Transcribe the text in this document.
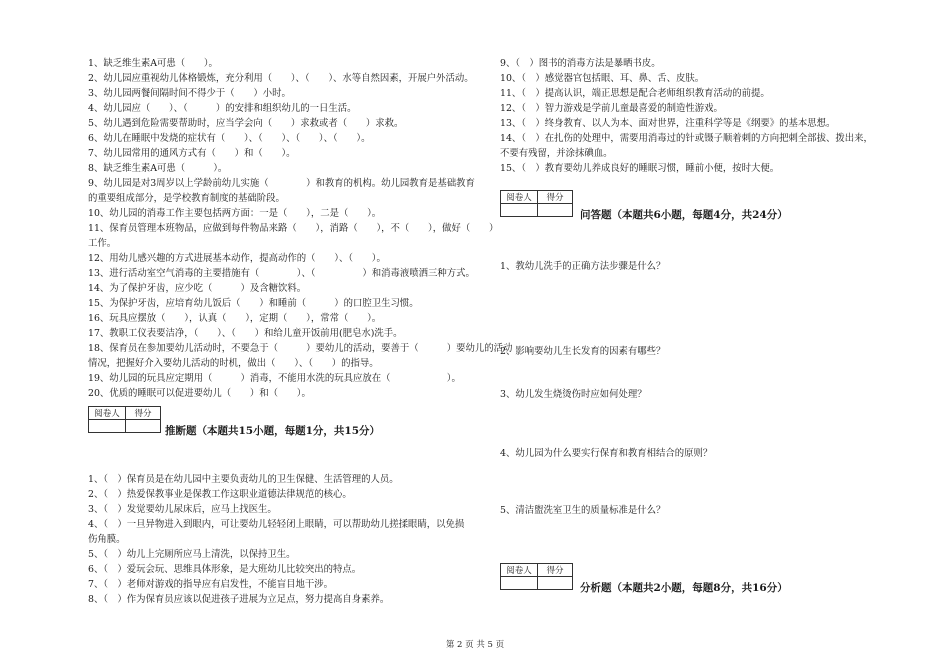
1、缺乏维生素A可患（　　）。
2、幼儿园应重视幼儿体格锻炼，充分利用（　　）、（　　）、水等自然因素，开展户外活动。
3、幼儿园两餐间隔时间不得少于（　　）小时。
4、幼儿园应（　　）、（　　　）的安排和组织幼儿的一日生活。
5、幼儿遇到危险需要帮助时，应当学会向（　　）求救或者（　　）求救。
6、幼儿在睡眠中发烧的症状有（　　）、（　　）、（　　）、（　　）。
7、幼儿园常用的通风方式有（　　）和（　　）。
8、缺乏维生素A可患（　　　）。
9、幼儿园是对3周岁以上学龄前幼儿实施（　　　　）和教育的机构。幼儿园教育是基础教育
的重要组成部分，是学校教育制度的基础阶段。
10、幼儿园的消毒工作主要包括两方面：一是（　　），二是（　　）。
11、保育员管理本班物品，应做到每件物品来路（　　），消路（　　），不（　　），做好（　　）
工作。
12、用幼儿感兴趣的方式进展基本动作，提高动作的（　　）、（　　）。
13、进行活动室空气消毒的主要措施有（　　　　）、（　　　　　）和消毒液喷洒三种方式。
14、为了保护牙齿，应少吃（　　　）及含糖饮料。
15、为保护牙齿，应培育幼儿饭后（　　）和睡前（　　　）的口腔卫生习惯。
16、玩具应摆放（　　），认真（　　），定期（　　），常常（　　）。
17、教职工仪表要洁净，（　　）、（　　）和给儿童开饭前用(肥皂水)洗手。
18、保育员在参加要幼儿活动时，不要急于（　　　）要幼儿的活动，要善于（　　　）要幼儿的活动
情况，把握好介入要幼儿活动的时机，做出（　　）、（　　）的指导。
19、幼儿园的玩具应定期用（　　　）消毒，不能用水洗的玩具应放在（　　　　　　）。
20、优质的睡眠可以促进要幼儿（　　）和（　　）。
阅卷人	得分

推断题（本题共15小题，每题1分，共15分）
1、（　）保育员是在幼儿园中主要负责幼儿的卫生保健、生活管理的人员。
2、（　）热爱保教事业是保教工作这职业道德法律规范的核心。
3、（　）发觉要幼儿尿床后，应马上找医生。
4、（　）一旦异物进入到眼内，可让要幼儿轻轻闭上眼睛，可以帮助幼儿搓揉眼睛，以免损
伤角膜。
5、（　）幼儿上完厕所应马上清洗，以保持卫生。
6、（　）爱玩会玩、思维具体形象，是大班幼儿比较突出的特点。
7、（　）老师对游戏的指导应有启发性，不能盲目地干涉。
8、（　）作为保育员应该以促进孩子进展为立足点，努力提高自身素养。
9、（　）图书的消毒方法是暴晒书皮。
10、（　）感觉器官包括眼、耳、鼻、舌、皮肤。
11、（　）提高认识，端正思想是配合老师组织教育活动的前提。
12、（　）智力游戏是学前儿童最喜爱的制造性游戏。
13、（　）终身教育、以人为本、面对世界，注重科学等是《纲要》的基本思想。
14、（　）在扎伤的处理中，需要用消毒过的针或镊子顺着刺的方向把刺全部拔、拨出来，
不要有残留，并涂抹碘血。
15、（　）教育要幼儿养成良好的睡眠习惯，睡前小便，按时大便。
阅卷人	得分

问答题（本题共6小题，每题4分，共24分）
1、教幼儿洗手的正确方法步骤是什么？
2、影响要幼儿生长发育的因素有哪些？
3、幼儿发生烧烫伤时应如何处理？
4、幼儿园为什么要实行保育和教育相结合的原则？
5、清洁盥洗室卫生的质量标准是什么？
阅卷人	得分

分析题（本题共2小题，每题8分，共16分）
第 2 页 共 5 页
